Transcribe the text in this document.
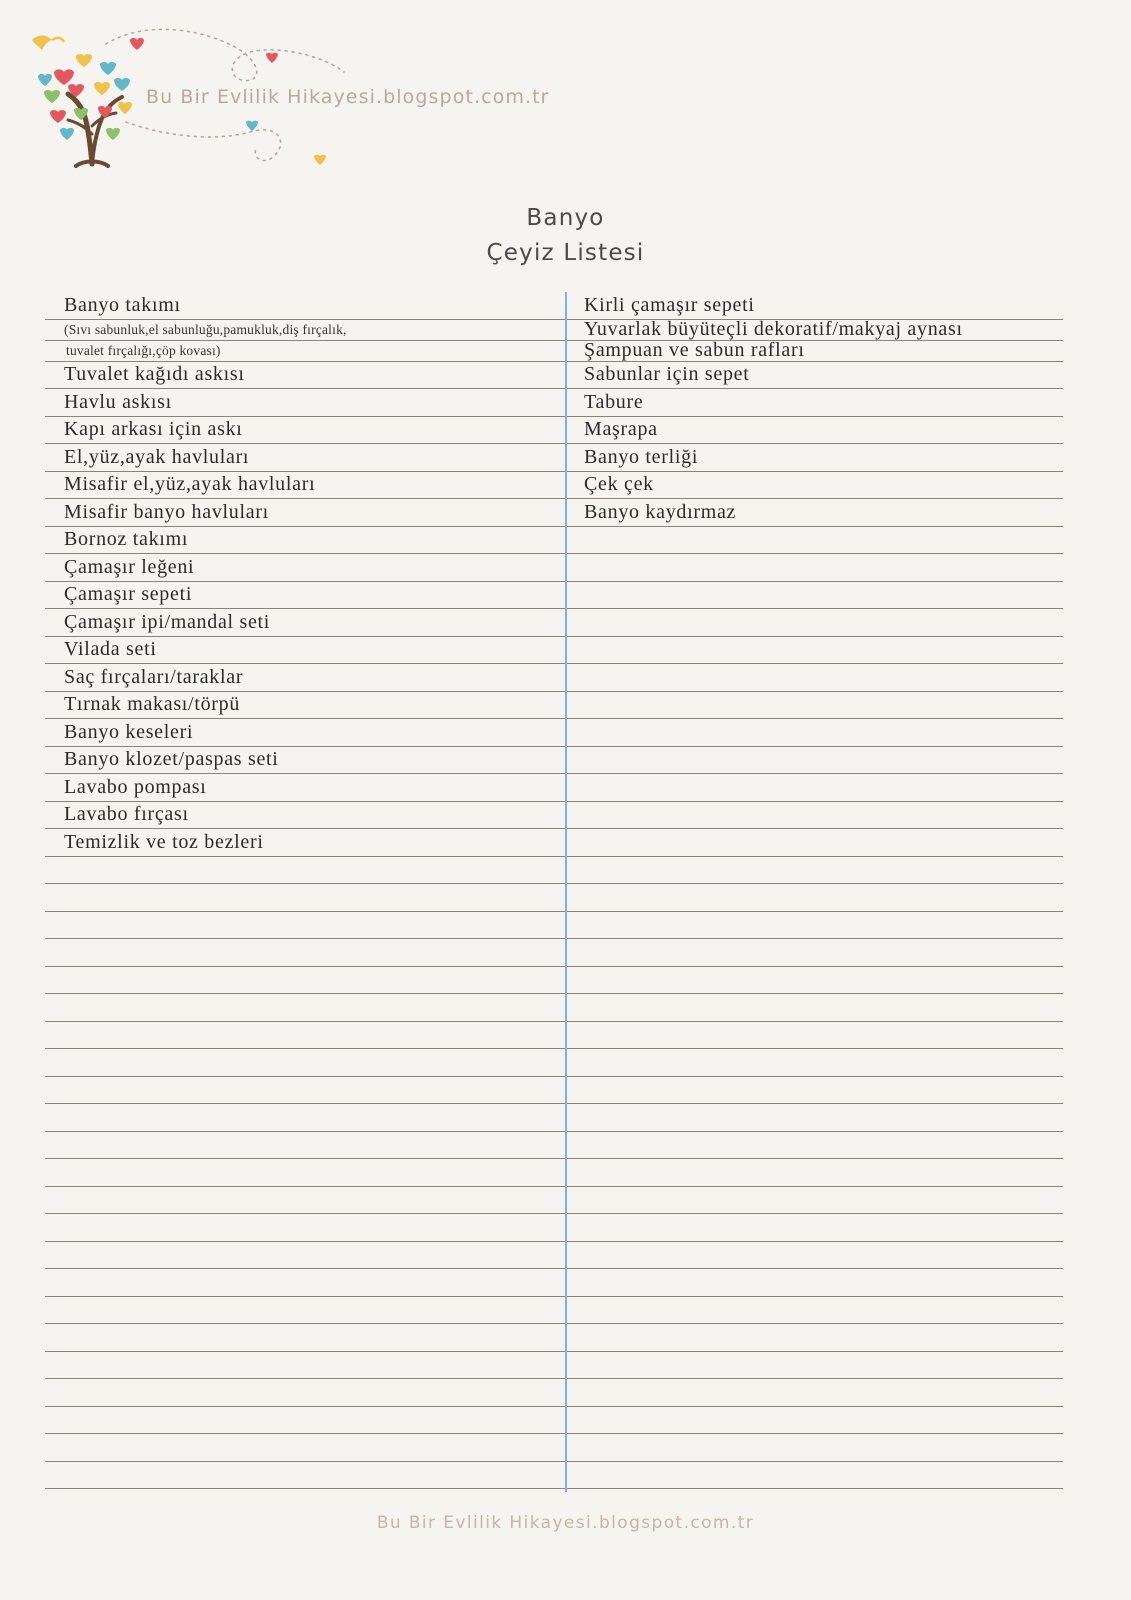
Bu Bir Evlilik Hikayesi.blogspot.com.tr
Banyo
Çeyiz Listesi
Banyo takımı	Kirli çamaşır sepeti
(Sıvı sabunluk,el sabunluğu,pamukluk,diş fırçalık,	Yuvarlak büyüteçli dekoratif/makyaj aynası
tuvalet fırçalığı,çöp kovası)	Şampuan ve sabun rafları
Tuvalet kağıdı askısı	Sabunlar için sepet
Havlu askısı	Tabure
Kapı arkası için askı	Maşrapa
El,yüz,ayak havluları	Banyo terliği
Misafir el,yüz,ayak havluları	Çek çek
Misafir banyo havluları	Banyo kaydırmaz
Bornoz takımı
Çamaşır leğeni
Çamaşır sepeti
Çamaşır ipi/mandal seti
Vilada seti
Saç fırçaları/taraklar
Tırnak makası/törpü
Banyo keseleri
Banyo klozet/paspas seti
Lavabo pompası
Lavabo fırçası
Temizlik ve toz bezleri
Bu Bir Evlilik Hikayesi.blogspot.com.tr
